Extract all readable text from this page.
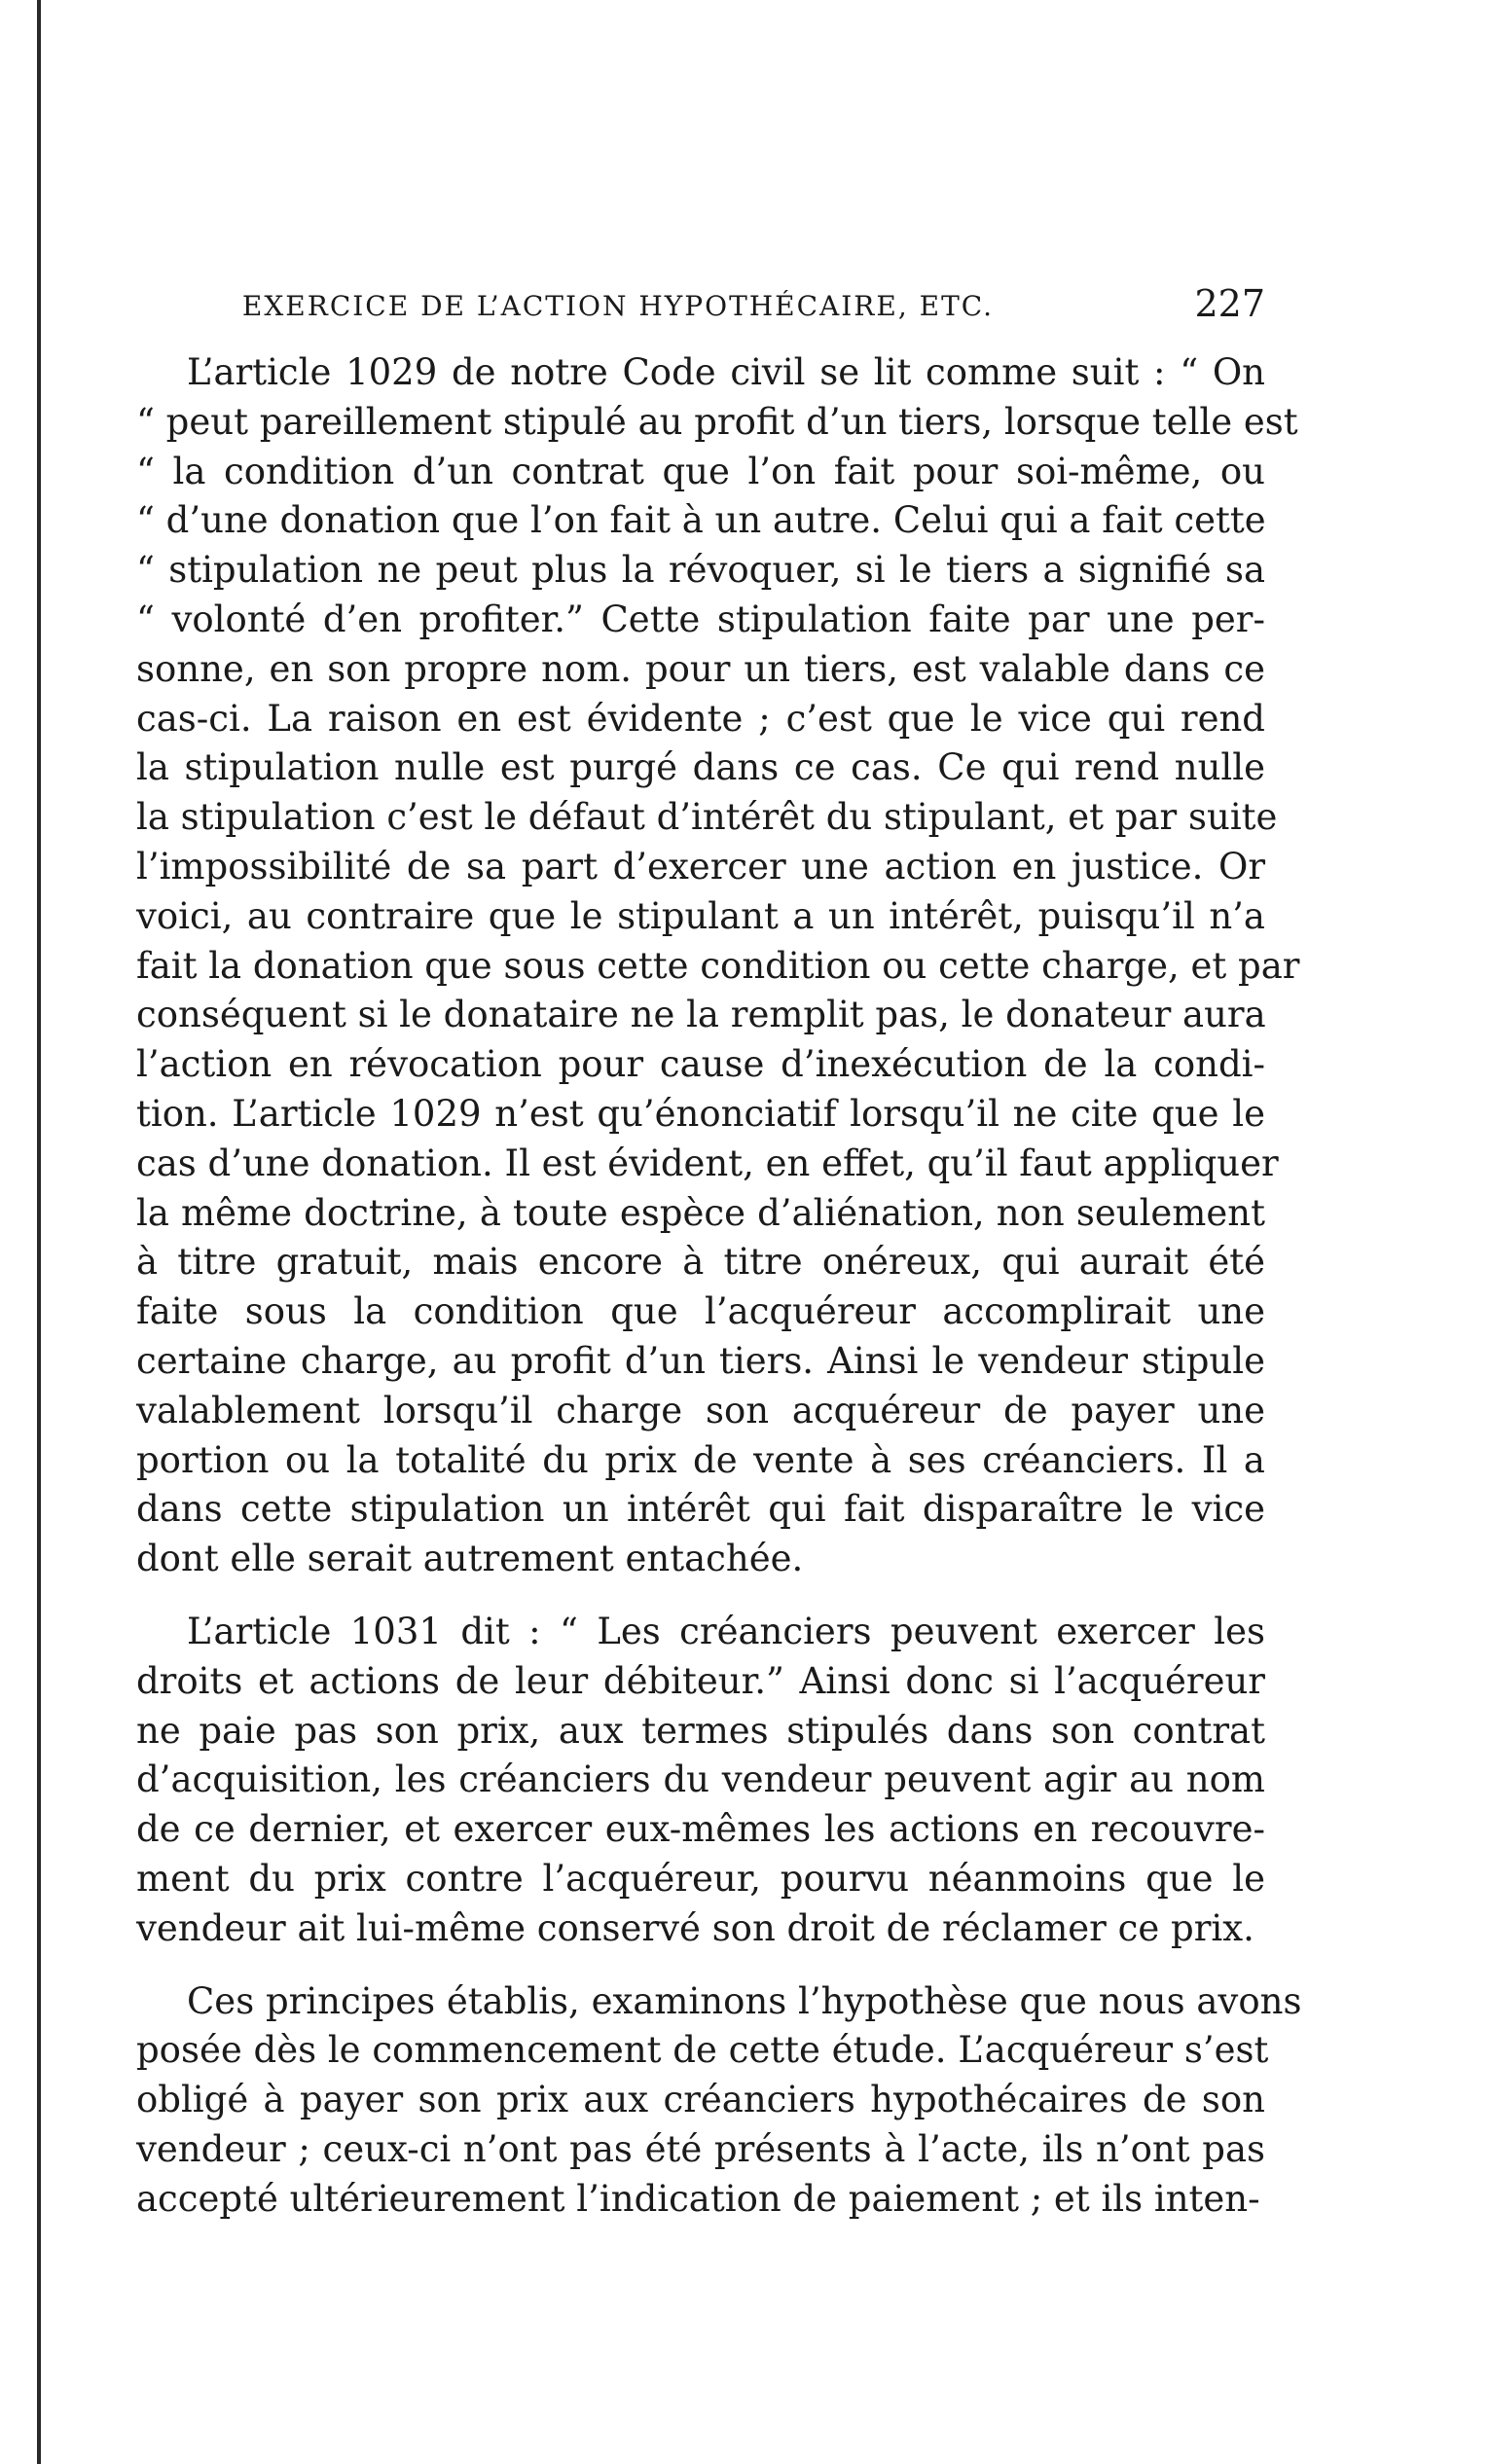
EXERCICE DE L’ACTION HYPOTHÉCAIRE, ETC.	227
L’article 1029 de notre Code civil se lit comme suit : “ On
“ peut pareillement stipulé au profit d’un tiers, lorsque telle est
“ la condition d’un contrat que l’on fait pour soi-même, ou
“ d’une donation que l’on fait à un autre. Celui qui a fait cette
“ stipulation ne peut plus la révoquer, si le tiers a signifié sa
“ volonté d’en profiter.” Cette stipulation faite par une per-
sonne, en son propre nom. pour un tiers, est valable dans ce
cas-ci. La raison en est évidente ; c’est que le vice qui rend
la stipulation nulle est purgé dans ce cas. Ce qui rend nulle
la stipulation c’est le défaut d’intérêt du stipulant, et par suite
l’impossibilité de sa part d’exercer une action en justice. Or
voici, au contraire que le stipulant a un intérêt, puisqu’il n’a
fait la donation que sous cette condition ou cette charge, et par
conséquent si le donataire ne la remplit pas, le donateur aura
l’action en révocation pour cause d’inexécution de la condi-
tion. L’article 1029 n’est qu’énonciatif lorsqu’il ne cite que le
cas d’une donation. Il est évident, en effet, qu’il faut appliquer
la même doctrine, à toute espèce d’aliénation, non seulement
à titre gratuit, mais encore à titre onéreux, qui aurait été
faite sous la condition que l’acquéreur accomplirait une
certaine charge, au profit d’un tiers. Ainsi le vendeur stipule
valablement lorsqu’il charge son acquéreur de payer une
portion ou la totalité du prix de vente à ses créanciers. Il a
dans cette stipulation un intérêt qui fait disparaître le vice
dont elle serait autrement entachée.
L’article 1031 dit : “ Les créanciers peuvent exercer les
droits et actions de leur débiteur.” Ainsi donc si l’acquéreur
ne paie pas son prix, aux termes stipulés dans son contrat
d’acquisition, les créanciers du vendeur peuvent agir au nom
de ce dernier, et exercer eux-mêmes les actions en recouvre-
ment du prix contre l’acquéreur, pourvu néanmoins que le
vendeur ait lui-même conservé son droit de réclamer ce prix.
Ces principes établis, examinons l’hypothèse que nous avons
posée dès le commencement de cette étude. L’acquéreur s’est
obligé à payer son prix aux créanciers hypothécaires de son
vendeur ; ceux-ci n’ont pas été présents à l’acte, ils n’ont pas
accepté ultérieurement l’indication de paiement ; et ils inten-
